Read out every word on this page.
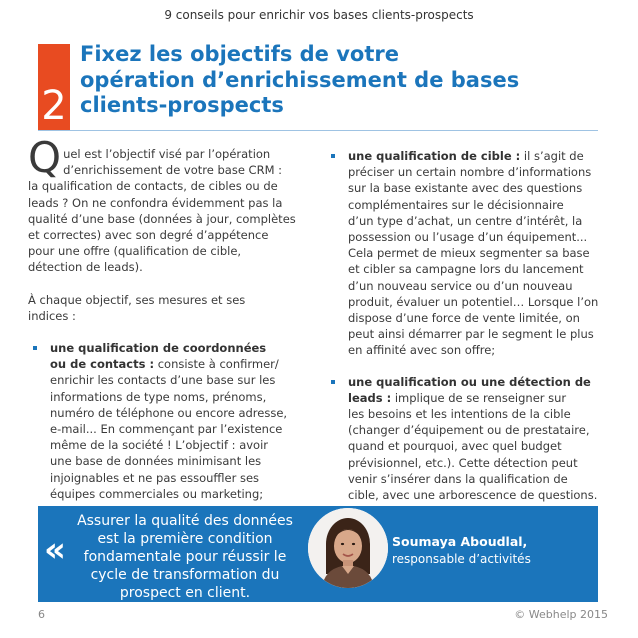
9 conseils pour enrichir vos bases clients-prospects
2
Fixez les objectifs de votre
opération d’enrichissement de bases
clients-prospects
Q uel est l’objectif visé par l’opération

d’enrichissement de votre base CRM :

la qualification de contacts, de cibles ou de

leads ? On ne confondra évidemment pas la

qualité d’une base (données à jour, complètes

et correctes) avec son degré d’appétence

pour une offre (qualification de cible,

détection de leads).

À chaque objectif, ses mesures et ses

indices :

une qualification de coordonnées

ou de contacts : consiste à confirmer/

enrichir les contacts d’une base sur les

informations de type noms, prénoms,

numéro de téléphone ou encore adresse,

e-mail... En commençant par l’existence

même de la société ! L’objectif : avoir

une base de données minimisant les

injoignables et ne pas essouffler ses

équipes commerciales ou marketing;

une qualification de cible : il s’agit de

préciser un certain nombre d’informations

sur la base existante avec des questions

complémentaires sur le décisionnaire

d’un type d’achat, un centre d’intérêt, la

possession ou l’usage d’un équipement...

Cela permet de mieux segmenter sa base

et cibler sa campagne lors du lancement

d’un nouveau service ou d’un nouveau

produit, évaluer un potentiel… Lorsque l’on

dispose d’une force de vente limitée, on

peut ainsi démarrer par le segment le plus

en affinité avec son offre;

une qualification ou une détection de

leads : implique de se renseigner sur

les besoins et les intentions de la cible

(changer d’équipement ou de prestataire,

quand et pourquoi, avec quel budget

prévisionnel, etc.). Cette détection peut

venir s’insérer dans la qualification de

cible, avec une arborescence de questions.

«

Assurer la qualité des données

est la première condition

fondamentale pour réussir le

cycle de transformation du

prospect en client.

Soumaya Aboudlal,
responsable d’activités
6	© Webhelp 2015
